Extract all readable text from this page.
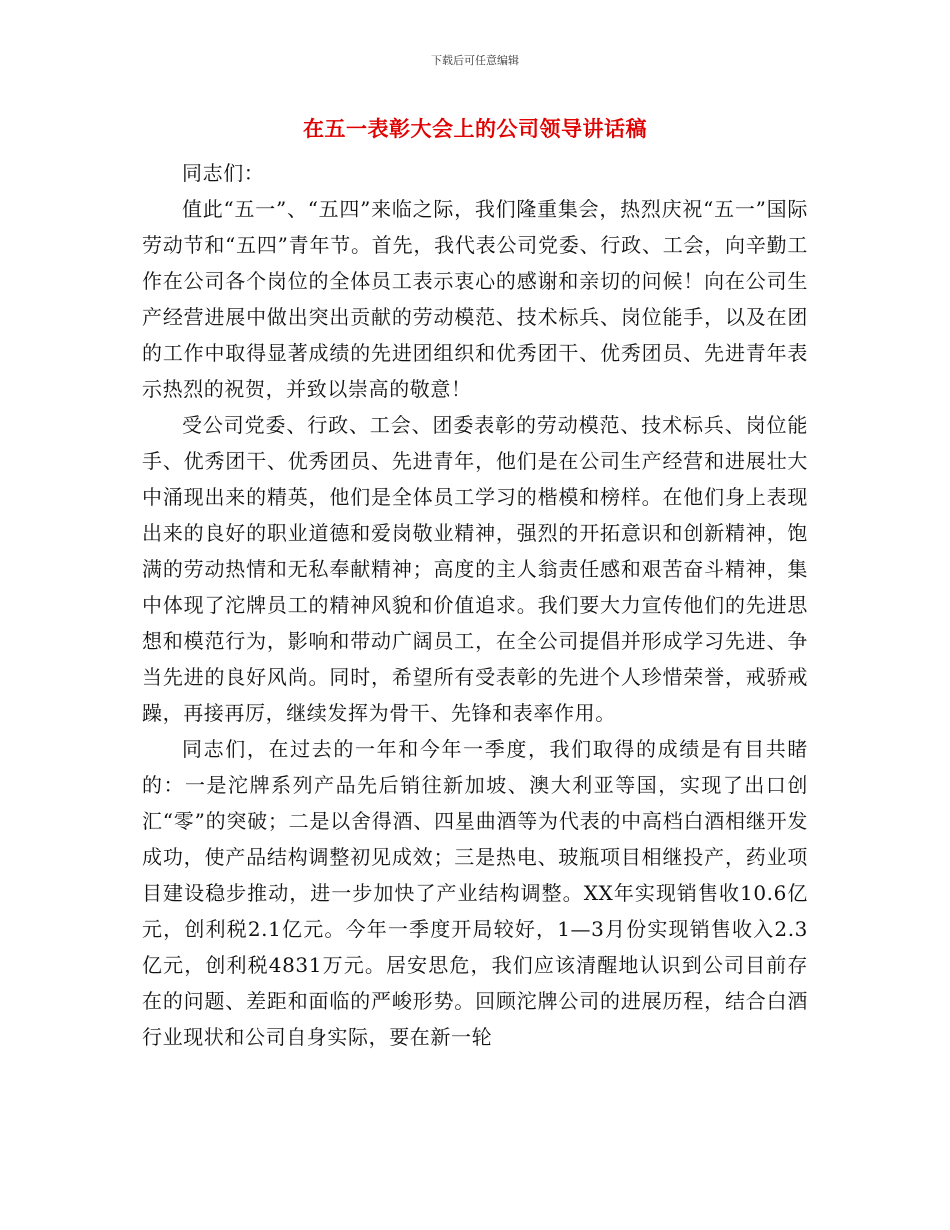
下载后可任意编辑
在五一表彰大会上的公司领导讲话稿

同志们：

值此“五一”、“五四”来临之际，我们隆重集会，热烈庆祝“五一”国际劳动节和“五四”青年节。首先，我代表公司党委、行政、工会，向辛勤工作在公司各个岗位的全体员工表示衷心的感谢和亲切的问候！向在公司生产经营进展中做出突出贡献的劳动模范、技术标兵、岗位能手，以及在团的工作中取得显著成绩的先进团组织和优秀团干、优秀团员、先进青年表示热烈的祝贺，并致以崇高的敬意！

受公司党委、行政、工会、团委表彰的劳动模范、技术标兵、岗位能手、优秀团干、优秀团员、先进青年，他们是在公司生产经营和进展壮大中涌现出来的精英，他们是全体员工学习的楷模和榜样。在他们身上表现出来的良好的职业道德和爱岗敬业精神，强烈的开拓意识和创新精神，饱满的劳动热情和无私奉献精神；高度的主人翁责任感和艰苦奋斗精神，集中体现了沱牌员工的精神风貌和价值追求。我们要大力宣传他们的先进思想和模范行为，影响和带动广阔员工，在全公司提倡并形成学习先进、争当先进的良好风尚。同时，希望所有受表彰的先进个人珍惜荣誉，戒骄戒躁，再接再厉，继续发挥为骨干、先锋和表率作用。

同志们，在过去的一年和今年一季度，我们取得的成绩是有目共睹的：一是沱牌系列产品先后销往新加坡、澳大利亚等国，实现了出口创汇“零”的突破；二是以舍得酒、四星曲酒等为代表的中高档白酒相继开发成功，使产品结构调整初见成效；三是热电、玻瓶项目相继投产，药业项目建设稳步推动，进一步加快了产业结构调整。XX年实现销售收10.6亿元，创利税2.1亿元。今年一季度开局较好，1—3月份实现销售收入2.3亿元，创利税4831万元。居安思危，我们应该清醒地认识到公司目前存在的问题、差距和面临的严峻形势。回顾沱牌公司的进展历程，结合白酒行业现状和公司自身实际，要在新一轮
